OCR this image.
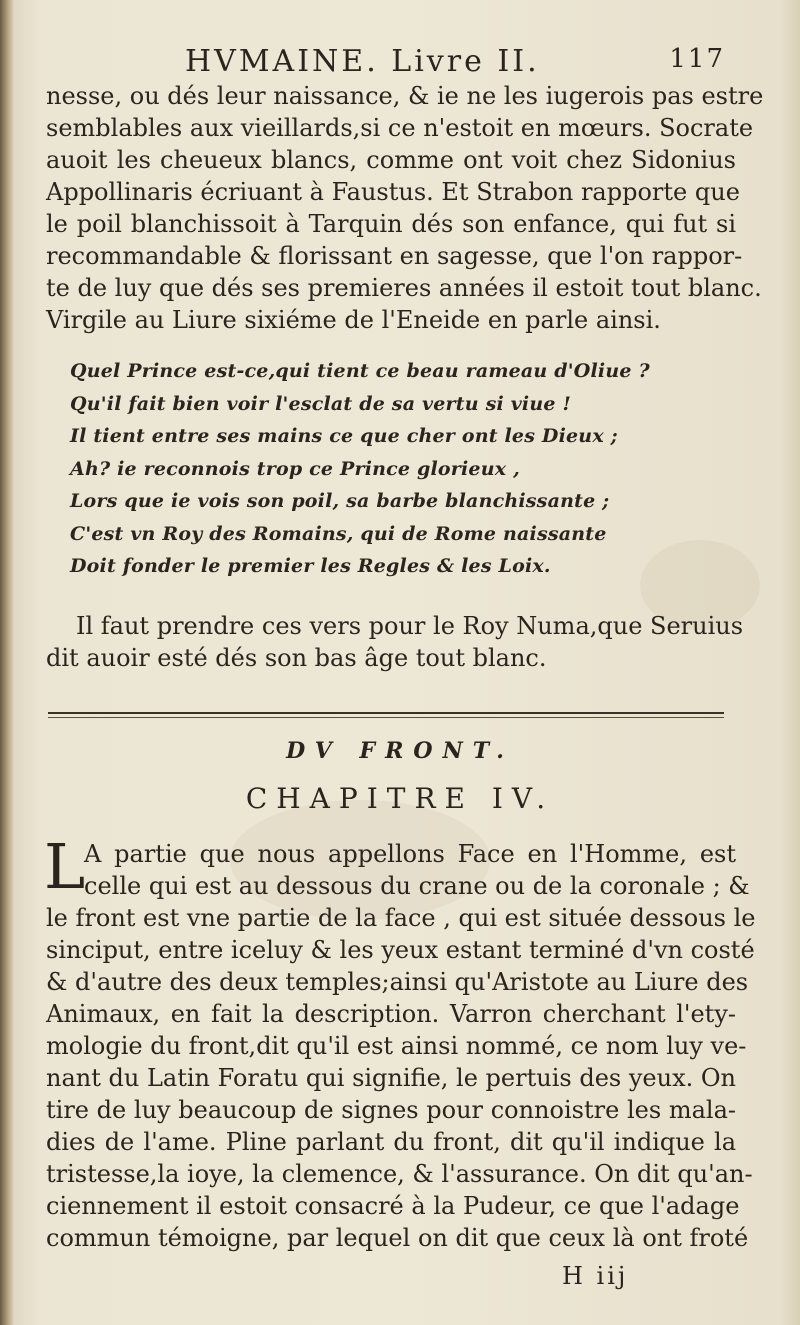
HVMAINE. Livre II.	117
nesse, ou dés leur naissance, & ie ne les iugerois pas estre
semblables aux vieillards,si ce n'estoit en mœurs. Socrate
auoit les cheueux blancs, comme ont voit chez Sidonius
Appollinaris écriuant à Faustus. Et Strabon rapporte que
le poil blanchissoit à Tarquin dés son enfance, qui fut si
recommandable & florissant en sagesse, que l'on rappor-
te de luy que dés ses premieres années il estoit tout blanc.
Virgile au Liure sixiéme de l'Eneide en parle ainsi.
Quel Prince est-ce,qui tient ce beau rameau d'Oliue ?
Qu'il fait bien voir l'esclat de sa vertu si viue !
Il tient entre ses mains ce que cher ont les Dieux ;
Ah? ie reconnois trop ce Prince glorieux ,
Lors que ie vois son poil, sa barbe blanchissante ;
C'est vn Roy des Romains, qui de Rome naissante
Doit fonder le premier les Regles & les Loix.
Il faut prendre ces vers pour le Roy Numa,que Seruius
dit auoir esté dés son bas âge tout blanc.
DV FRONT.
CHAPITRE IV.
L
A partie que nous appellons Face en l'Homme, est
celle qui est au dessous du crane ou de la coronale ; &
le front est vne partie de la face , qui est située dessous le
sinciput, entre iceluy & les yeux estant terminé d'vn costé
& d'autre des deux temples;ainsi qu'Aristote au Liure des
Animaux, en fait la description. Varron cherchant l'ety-
mologie du front,dit qu'il est ainsi nommé, ce nom luy ve-
nant du Latin Foratu qui signifie, le pertuis des yeux. On
tire de luy beaucoup de signes pour connoistre les mala-
dies de l'ame. Pline parlant du front, dit qu'il indique la
tristesse,la ioye, la clemence, & l'assurance. On dit qu'an-
ciennement il estoit consacré à la Pudeur, ce que l'adage
commun témoigne, par lequel on dit que ceux là ont froté
H iij
